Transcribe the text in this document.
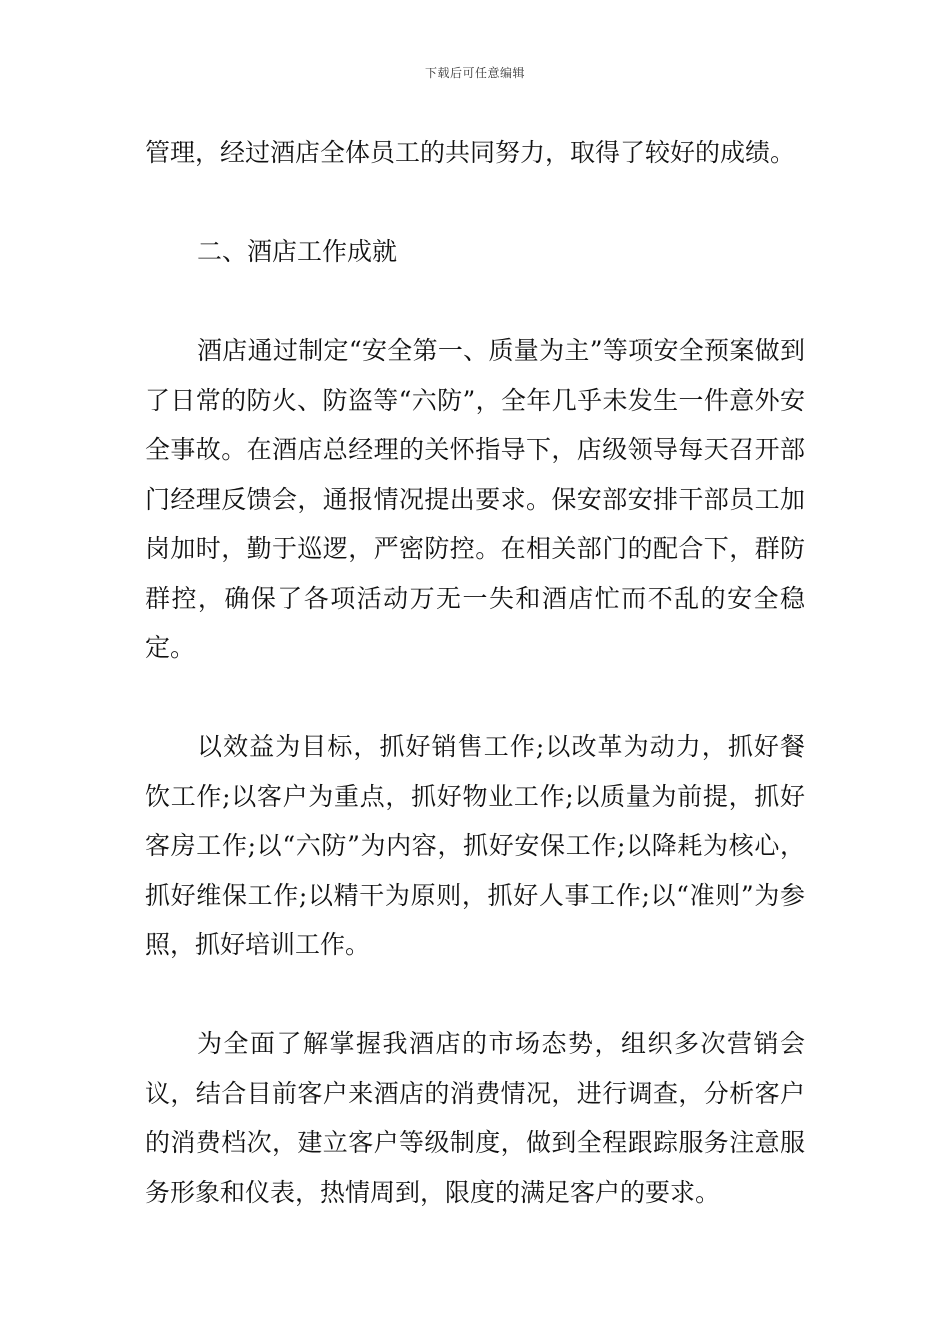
下载后可任意编辑

管理，经过酒店全体员工的共同努力，取得了较好的成绩。

二、酒店工作成就

酒店通过制定“安全第一、质量为主”等项安全预案做到了日常的防火、防盗等“六防”，全年几乎未发生一件意外安全事故。在酒店总经理的关怀指导下，店级领导每天召开部门经理反馈会，通报情况提出要求。保安部安排干部员工加岗加时，勤于巡逻，严密防控。在相关部门的配合下，群防群控，确保了各项活动万无一失和酒店忙而不乱的安全稳定。

以效益为目标，抓好销售工作;以改革为动力，抓好餐饮工作;以客户为重点，抓好物业工作;以质量为前提，抓好客房工作;以“六防”为内容，抓好安保工作;以降耗为核心，抓好维保工作;以精干为原则，抓好人事工作;以“准则”为参照，抓好培训工作。

为全面了解掌握我酒店的市场态势，组织多次营销会议，结合目前客户来酒店的消费情况，进行调查，分析客户的消费档次，建立客户等级制度，做到全程跟踪服务注意服务形象和仪表，热情周到，限度的满足客户的要求。
